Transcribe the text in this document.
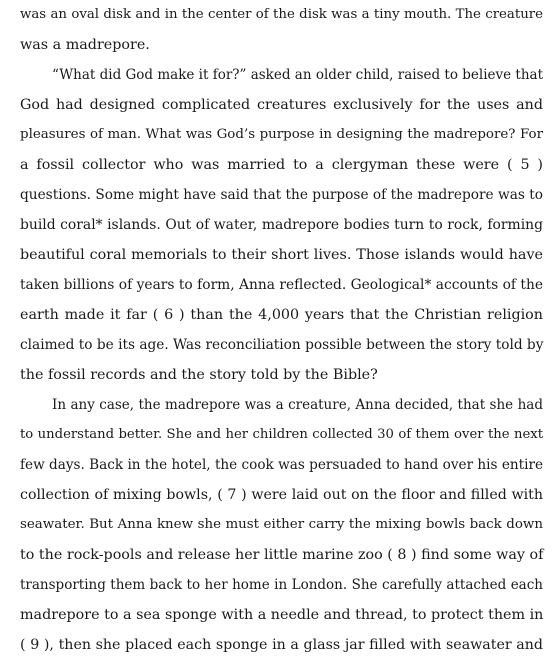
was an oval disk and in the center of the disk was a tiny mouth. The creature
was a madrepore.
“What did God make it for?” asked an older child, raised to believe that
God had designed complicated creatures exclusively for the uses and
pleasures of man. What was God’s purpose in designing the madrepore? For
a fossil collector who was married to a clergyman these were ( 5 )
questions. Some might have said that the purpose of the madrepore was to
build coral* islands. Out of water, madrepore bodies turn to rock, forming
beautiful coral memorials to their short lives. Those islands would have
taken billions of years to form, Anna reflected. Geological* accounts of the
earth made it far ( 6 ) than the 4,000 years that the Christian religion
claimed to be its age. Was reconciliation possible between the story told by
the fossil records and the story told by the Bible?
In any case, the madrepore was a creature, Anna decided, that she had
to understand better. She and her children collected 30 of them over the next
few days. Back in the hotel, the cook was persuaded to hand over his entire
collection of mixing bowls, ( 7 ) were laid out on the floor and filled with
seawater. But Anna knew she must either carry the mixing bowls back down
to the rock-pools and release her little marine zoo ( 8 ) find some way of
transporting them back to her home in London. She carefully attached each
madrepore to a sea sponge with a needle and thread, to protect them in
( 9 ), then she placed each sponge in a glass jar filled with seawater and
